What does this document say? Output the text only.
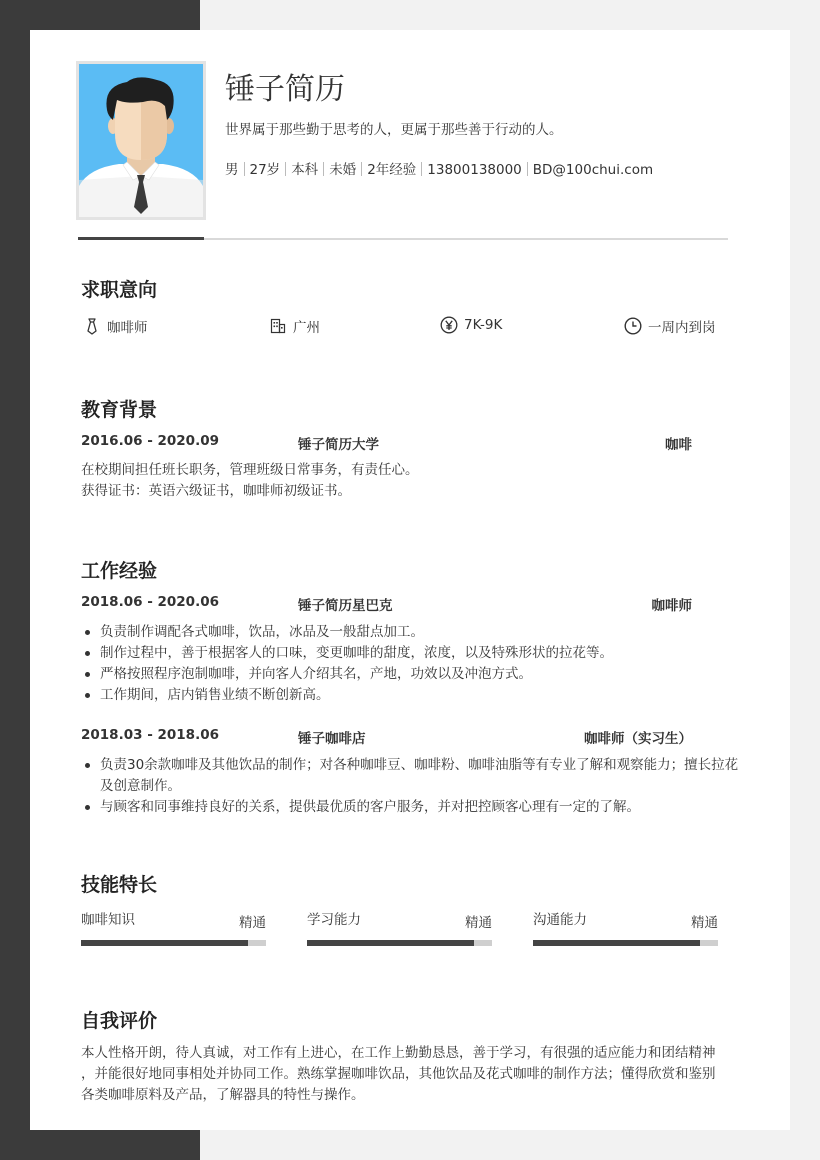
锤子简历
世界属于那些勤于思考的人，更属于那些善于行动的人。
男 27岁 本科 未婚 2年经验 13800138000 BD@100chui.com
求职意向
咖啡师	广州	7K-9K	一周内到岗
教育背景
2016.06 - 2020.09	锤子简历大学	咖啡
在校期间担任班长职务，管理班级日常事务，有责任心。
获得证书：英语六级证书，咖啡师初级证书。
工作经验
2018.06 - 2020.06	锤子简历星巴克	咖啡师
负责制作调配各式咖啡，饮品，冰品及一般甜点加工。
制作过程中，善于根据客人的口味，变更咖啡的甜度，浓度，以及特殊形状的拉花等。
严格按照程序泡制咖啡，并向客人介绍其名，产地，功效以及冲泡方式。
工作期间，店内销售业绩不断创新高。
2018.03 - 2018.06	锤子咖啡店	咖啡师（实习生）
负责30余款咖啡及其他饮品的制作；对各种咖啡豆、咖啡粉、咖啡油脂等有专业了解和观察能力；擅长拉花及创意制作。
与顾客和同事维持良好的关系，提供最优质的客户服务，并对把控顾客心理有一定的了解。
技能特长
咖啡知识	精通	学习能力	精通	沟通能力	精通
自我评价
本人性格开朗，待人真诚，对工作有上进心，在工作上勤勤恳恳，善于学习，有很强的适应能力和团结精神
，并能很好地同事相处并协同工作。熟练掌握咖啡饮品，其他饮品及花式咖啡的制作方法；懂得欣赏和鉴别
各类咖啡原料及产品，了解器具的特性与操作。
